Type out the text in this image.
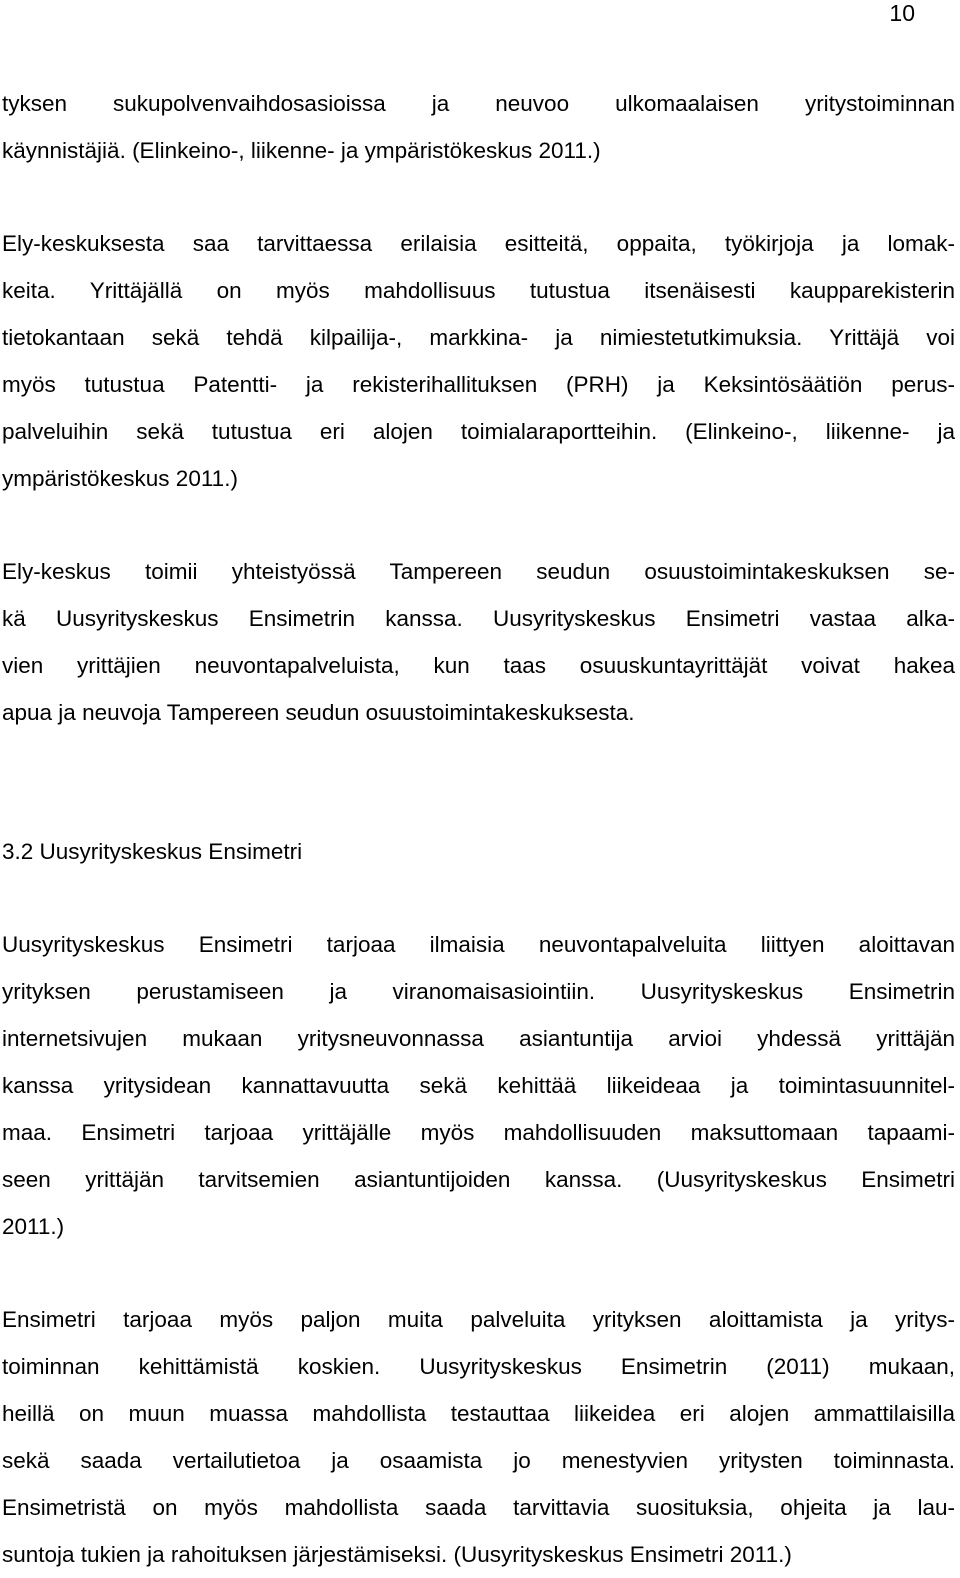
10

tyksen sukupolvenvaihdosasioissa ja neuvoo ulkomaalaisen yritystoiminnan
käynnistäjiä. (Elinkeino-, liikenne- ja ympäristökeskus 2011.)

Ely-keskuksesta saa tarvittaessa erilaisia esitteitä, oppaita, työkirjoja ja lomak-
keita. Yrittäjällä on myös mahdollisuus tutustua itsenäisesti kaupparekisterin
tietokantaan sekä tehdä kilpailija-, markkina- ja nimiestetutkimuksia. Yrittäjä voi
myös tutustua Patentti- ja rekisterihallituksen (PRH) ja Keksintösäätiön perus-
palveluihin sekä tutustua eri alojen toimialaraportteihin. (Elinkeino-, liikenne- ja
ympäristökeskus 2011.)

Ely-keskus toimii yhteistyössä Tampereen seudun osuustoimintakeskuksen se-
kä Uusyrityskeskus Ensimetrin kanssa. Uusyrityskeskus Ensimetri vastaa alka-
vien yrittäjien neuvontapalveluista, kun taas osuuskuntayrittäjät voivat hakea
apua ja neuvoja Tampereen seudun osuustoimintakeskuksesta.

3.2 Uusyrityskeskus Ensimetri

Uusyrityskeskus Ensimetri tarjoaa ilmaisia neuvontapalveluita liittyen aloittavan
yrityksen perustamiseen ja viranomaisasiointiin. Uusyrityskeskus Ensimetrin
internetsivujen mukaan yritysneuvonnassa asiantuntija arvioi yhdessä yrittäjän
kanssa yritysidean kannattavuutta sekä kehittää liikeideaa ja toimintasuunnitel-
maa. Ensimetri tarjoaa yrittäjälle myös mahdollisuuden maksuttomaan tapaami-
seen yrittäjän tarvitsemien asiantuntijoiden kanssa. (Uusyrityskeskus Ensimetri
2011.)

Ensimetri tarjoaa myös paljon muita palveluita yrityksen aloittamista ja yritys-
toiminnan kehittämistä koskien. Uusyrityskeskus Ensimetrin (2011) mukaan,
heillä on muun muassa mahdollista testauttaa liikeidea eri alojen ammattilaisilla
sekä saada vertailutietoa ja osaamista jo menestyvien yritysten toiminnasta.
Ensimetristä on myös mahdollista saada tarvittavia suosituksia, ohjeita ja lau-
suntoja tukien ja rahoituksen järjestämiseksi. (Uusyrityskeskus Ensimetri 2011.)
